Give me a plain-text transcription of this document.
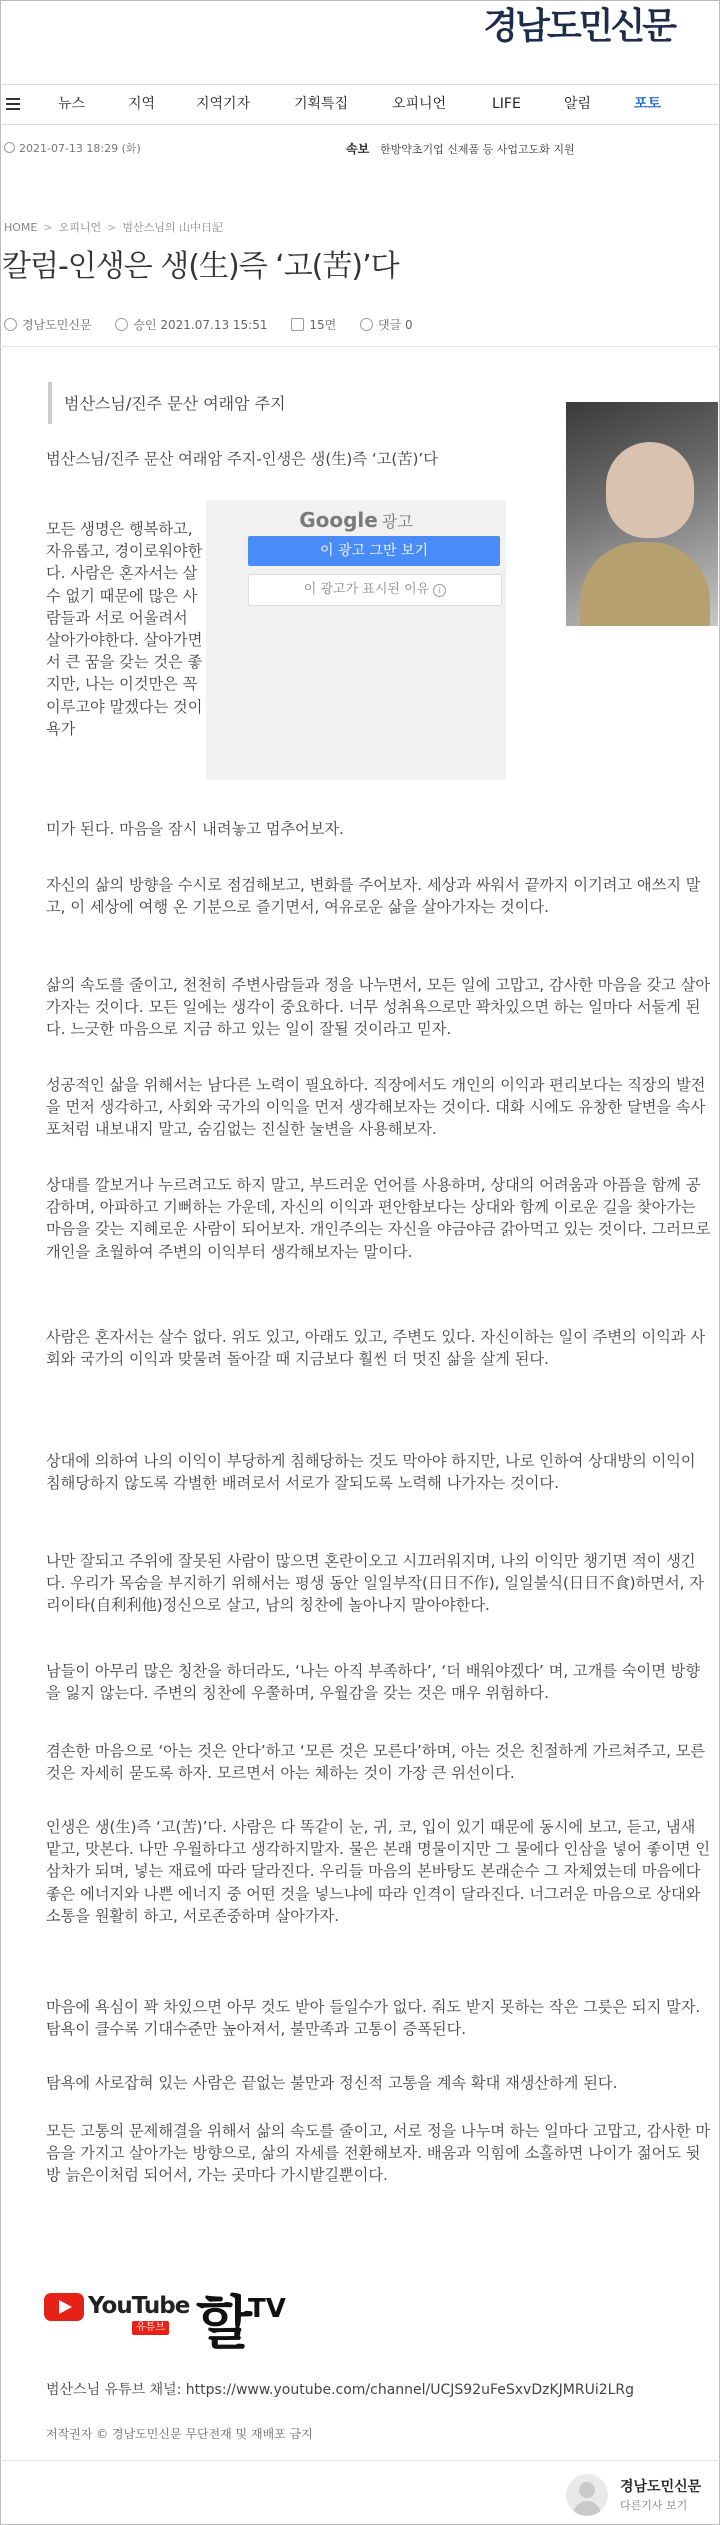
경남도민신문
뉴스	지역	지역기자	기획특집	오피니언	LIFE	알림	포토
2021-07-13 18:29 (화)	속보 한방약초기업 신제품 등 사업고도화 지원
HOME > 오피니언 > 범산스님의 山中日記
칼럼-인생은 생(生)즉 ‘고(苦)’다
경남도민신문	승인 2021.07.13 15:51	15면	댓글 0
범산스님/진주 문산 여래암 주지
범산스님/진주 문산 여래암 주지-인생은 생(生)즉 ‘고(苦)’다
Google 광고
이 광고 그만 보기
이 광고가 표시된 이유 i
모든 생명은 행복하고, 자유롭고, 경이로워야한다. 사람은 혼자서는 살 수 없기 때문에 많은 사람들과 서로 어울려서 살아가야한다. 살아가면서 큰 꿈을 갖는 것은 좋지만, 나는 이것만은 꼭 이루고야 말겠다는 것이 욕가
미가 된다. 마음을 잠시 내려놓고 멈추어보자.
자신의 삶의 방향을 수시로 점검해보고, 변화를 주어보자. 세상과 싸워서 끝까지 이기려고 애쓰지 말고, 이 세상에 여행 온 기분으로 즐기면서, 여유로운 삶을 살아가자는 것이다.
삶의 속도를 줄이고, 천천히 주변사람들과 정을 나누면서, 모든 일에 고맙고, 감사한 마음을 갖고 살아가자는 것이다. 모든 일에는 생각이 중요하다. 너무 성취욕으로만 꽉차있으면 하는 일마다 서둘게 된다. 느긋한 마음으로 지금 하고 있는 일이 잘될 것이라고 믿자.
성공적인 삶을 위해서는 남다른 노력이 필요하다. 직장에서도 개인의 이익과 편리보다는 직장의 발전을 먼저 생각하고, 사회와 국가의 이익을 먼저 생각해보자는 것이다. 대화 시에도 유창한 달변을 속사포처럼 내보내지 말고, 숨김없는 진실한 눌변을 사용해보자.
상대를 깔보거나 누르려고도 하지 말고, 부드러운 언어를 사용하며, 상대의 어려움과 아픔을 함께 공감하며, 아파하고 기뻐하는 가운데, 자신의 이익과 편안함보다는 상대와 함께 이로운 길을 찾아가는 마음을 갖는 지혜로운 사람이 되어보자. 개인주의는 자신을 야금야금 갉아먹고 있는 것이다. 그러므로 개인을 초월하여 주변의 이익부터 생각해보자는 말이다.
사람은 혼자서는 살수 없다. 위도 있고, 아래도 있고, 주변도 있다. 자신이하는 일이 주변의 이익과 사회와 국가의 이익과 맞물려 돌아갈 때 지금보다 훨씬 더 멋진 삶을 살게 된다.
상대에 의하여 나의 이익이 부당하게 침해당하는 것도 막아야 하지만, 나로 인하여 상대방의 이익이 침해당하지 않도록 각별한 배려로서 서로가 잘되도록 노력해 나가자는 것이다.
나만 잘되고 주위에 잘못된 사람이 많으면 혼란이오고 시끄러워지며, 나의 이익만 챙기면 적이 생긴다. 우리가 목숨을 부지하기 위해서는 평생 동안 일일부작(日日不作), 일일불식(日日不食)하면서, 자리이타(自利利他)정신으로 살고, 남의 칭찬에 놀아나지 말아야한다.
남들이 아무리 많은 칭찬을 하더라도, ‘나는 아직 부족하다’, ‘더 배워야겠다’ 며, 고개를 숙이면 방향을 잃지 않는다. 주변의 칭찬에 우쭐하며, 우월감을 갖는 것은 매우 위험하다.
겸손한 마음으로 ‘아는 것은 안다’하고 ‘모른 것은 모른다’하며, 아는 것은 친절하게 가르쳐주고, 모른 것은 자세히 묻도록 하자. 모르면서 아는 체하는 것이 가장 큰 위선이다.
인생은 생(生)즉 ‘고(苦)’다. 사람은 다 똑같이 눈, 귀, 코, 입이 있기 때문에 동시에 보고, 듣고, 냄새 맡고, 맛본다. 나만 우월하다고 생각하지말자. 물은 본래 명물이지만 그 물에다 인삼을 넣어 좋이면 인삼차가 되며, 넣는 재료에 따라 달라진다. 우리들 마음의 본바탕도 본래순수 그 자체였는데 마음에다 좋은 에너지와 나쁜 에너지 중 어떤 것을 넣느냐에 따라 인격이 달라진다. 너그러운 마음으로 상대와 소통을 원활히 하고, 서로존중하며 살아가자.
마음에 욕심이 꽉 차있으면 아무 것도 받아 들일수가 없다. 줘도 받지 못하는 작은 그릇은 되지 말자. 탐욕이 클수록 기대수준만 높아져서, 불만족과 고통이 증폭된다.
탐욕에 사로잡혀 있는 사람은 끝없는 불만과 정신적 고통을 계속 확대 재생산하게 된다.
모든 고통의 문제해결을 위해서 삶의 속도를 줄이고, 서로 정을 나누며 하는 일마다 고맙고, 감사한 마음을 가지고 살아가는 방향으로, 삶의 자세를 전환해보자. 배움과 익힘에 소홀하면 나이가 젊어도 뒷방 늙은이처럼 되어서, 가는 곳마다 가시밭길뿐이다.
YouTube
유튜브 할
TV
범산스님 유튜브 채널: https://www.youtube.com/channel/UCJS92uFeSxvDzKJMRUi2LRg
저작권자 © 경남도민신문 무단전재 및 재배포 금지
경남도민신문
다른기사 보기
